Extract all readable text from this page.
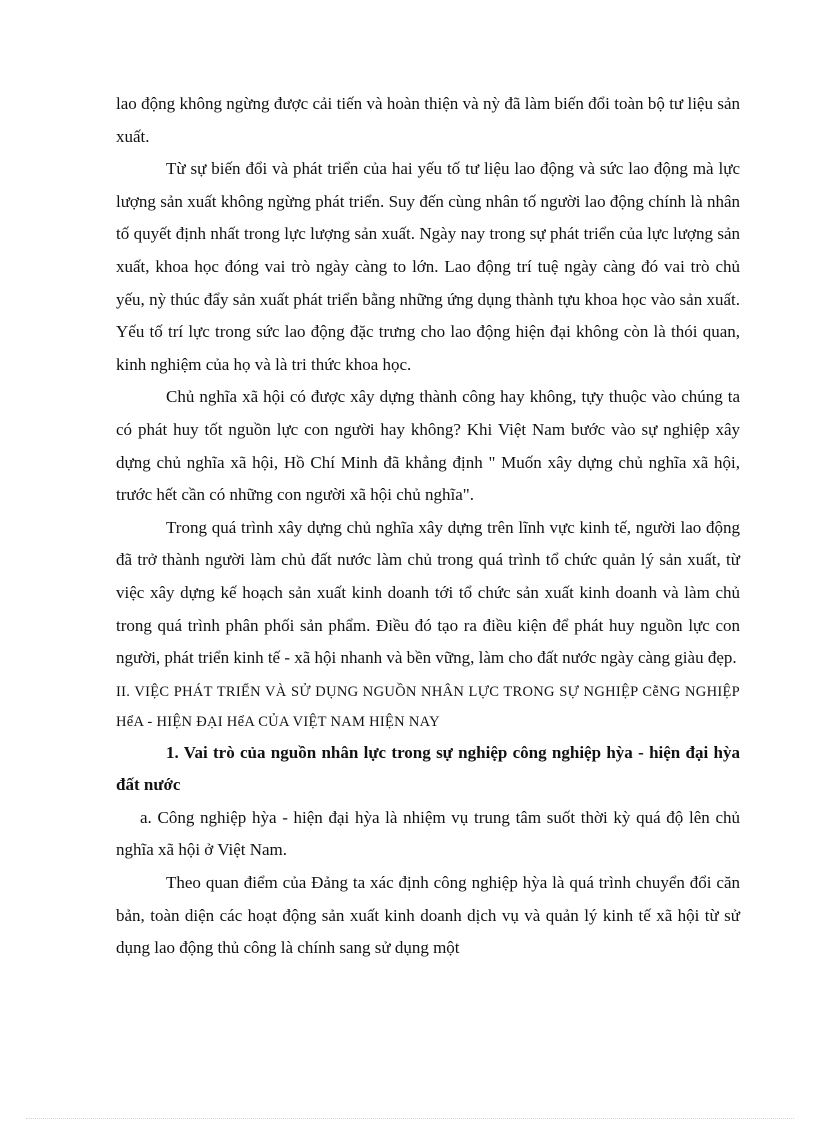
lao động không ngừng được cải tiến và hoàn thiện và nỳ đã làm biến đổi toàn bộ tư liệu sản xuất.

Từ sự biến đổi và phát triển của hai yếu tố tư liệu lao động và sức lao động mà lực lượng sản xuất không ngừng phát triển. Suy đến cùng nhân tố người lao động chính là nhân tố quyết định nhất trong lực lượng sản xuất. Ngày nay trong sự phát triển của lực lượng sản xuất, khoa học đóng vai trò ngày càng to lớn. Lao động trí tuệ ngày càng đó vai trò chủ yếu, nỳ thúc đẩy sản xuất phát triển bằng những ứng dụng thành tựu khoa học vào sản xuất. Yếu tố trí lực trong sức lao động đặc trưng cho lao động hiện đại không còn là thói quan, kinh nghiệm của họ và là tri thức khoa học.

Chủ nghĩa xã hội có được xây dựng thành công hay không, tựy thuộc vào chúng ta có phát huy tốt nguồn lực con người hay không? Khi Việt Nam bước vào sự nghiệp xây dựng chủ nghĩa xã hội, Hồ Chí Minh đã khẳng định " Muốn xây dựng chủ nghĩa xã hội, trước hết cần có những con người xã hội chủ nghĩa".

Trong quá trình xây dựng chủ nghĩa xây dựng trên lĩnh vực kinh tế, người lao động đã trở thành người làm chủ đất nước làm chủ trong quá trình tổ chức quản lý sản xuất, từ việc xây dựng kế hoạch sản xuất kinh doanh tới tổ chức sản xuất kinh doanh và làm chủ trong quá trình phân phối sản phẩm. Điều đó tạo ra điều kiện để phát huy nguồn lực con người, phát triển kinh tế - xã hội nhanh và bền vững, làm cho đất nước ngày càng giàu đẹp.

II. VIỆC PHÁT TRIỂN VÀ SỬ DỤNG NGUỒN NHÂN LỰC TRONG SỰ NGHIỆP CễNG NGHIỆP HểA - HIỆN ĐẠI HểA CỦA VIỆT NAM HIỆN NAY

1. Vai trò của nguồn nhân lực trong sự nghiệp công nghiệp hỳa - hiện đại hỳa đất nước

a. Công nghiệp hỳa - hiện đại hỳa là nhiệm vụ trung tâm suốt thời kỳ quá độ lên chủ nghĩa xã hội ở Việt Nam.

Theo quan điểm của Đảng ta xác định công nghiệp hỳa là quá trình chuyển đổi căn bản, toàn diện các hoạt động sản xuất kinh doanh dịch vụ và quản lý kinh tế xã hội từ sử dụng lao động thủ công là chính sang sử dụng một
